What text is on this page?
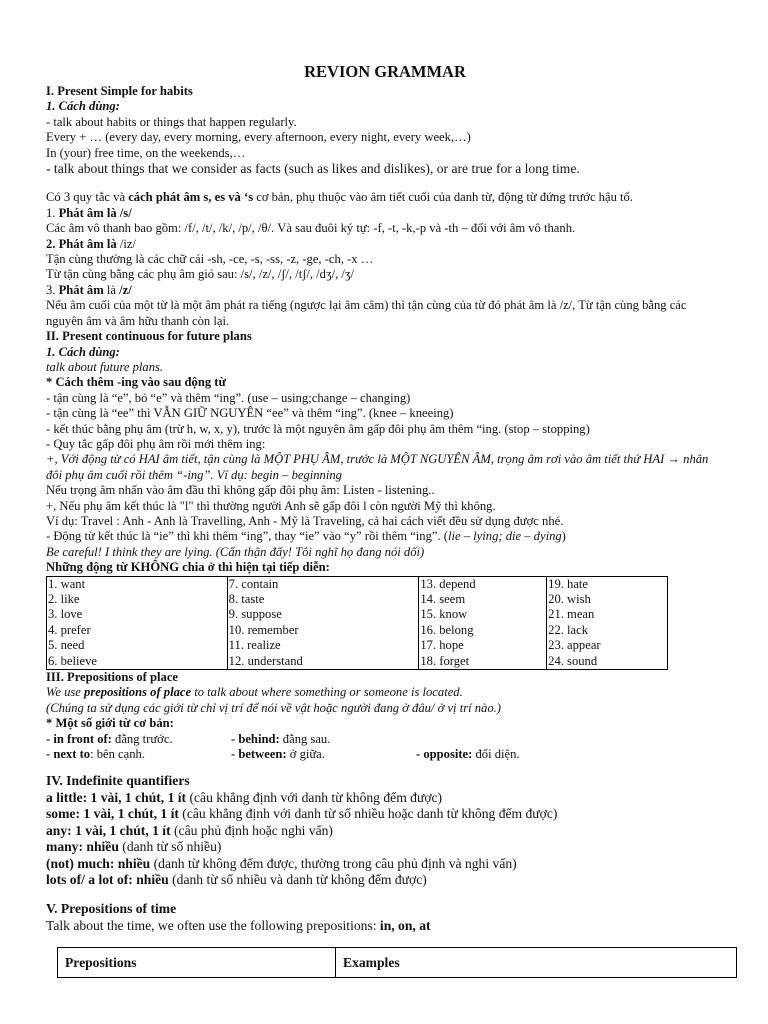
REVION GRAMMAR
I. Present Simple for habits
1. Cách dùng:
- talk about habits or things that happen regularly.
Every + … (every day, every morning, every afternoon, every night, every week,…)
In (your) free time, on the weekends,…
- talk about things that we consider as facts (such as likes and dislikes), or are true for a long time.
Có 3 quy tắc và cách phát âm s, es và ‘s cơ bản, phụ thuộc vào âm tiết cuối của danh từ, động từ đứng trước hậu tố.
1. Phát âm là /s/
Các âm vô thanh bao gồm: /f/, /t/, /k/, /p/, /θ/. Và sau đuôi ký tự: -f, -t, -k,-p và -th – đối với âm vô thanh.
2. Phát âm là /iz/
Tận cùng thường là các chữ cái -sh, -ce, -s, -ss, -z, -ge, -ch, -x …
Từ tận cùng bằng các phụ âm gió sau: /s/, /z/, /ʃ/, /tʃ/, /dʒ/, /ʒ/
3. Phát âm là /z/
Nếu âm cuối của một từ là một âm phát ra tiếng (ngược lại âm câm) thì tận cùng của từ đó phát âm là /z/, Từ tận cùng bằng các nguyên âm và âm hữu thanh còn lại.
II. Present continuous for future plans
1. Cách dùng:
talk about future plans.
* Cách thêm -ing vào sau động từ
- tận cùng là “e”, bỏ “e” và thêm “ing”. (use – using;change – changing)
- tận cùng là “ee” thì VẪN GIỮ NGUYÊN “ee” và thêm “ing”. (knee – kneeing)
- kết thúc bằng phụ âm (trừ h, w, x, y), trước là một nguyên âm gấp đôi phụ âm thêm “ing. (stop – stopping)
- Quy tắc gấp đôi phụ âm rồi mới thêm ing:
+, Với động từ có HAI âm tiết, tận cùng là MỘT PHỤ ÂM, trước là MỘT NGUYÊN ÂM, trọng âm rơi vào âm tiết thứ HAI → nhân đôi phụ âm cuối rồi thêm “-ing”. Ví dụ: begin – beginning
Nếu trọng âm nhấn vào âm đầu thì không gấp đôi phụ âm: Listen - listening..
+, Nếu phụ âm kết thúc là "l" thì thường người Anh sẽ gấp đôi l còn người Mỹ thì không.
Ví dụ: Travel : Anh - Anh là Travelling, Anh - Mỹ là Traveling, cả hai cách viết đều sử dụng được nhé.
- Động từ kết thúc là “ie” thì khi thêm “ing”, thay “ie” vào “y” rồi thêm “ing”. (lie – lying; die – dying)
Be careful! I think they are lying. (Cẩn thận đấy! Tôi nghĩ họ đang nói dối)
Những động từ KHÔNG chia ở thì hiện tại tiếp diễn:
1. want	7. contain	13. depend	19. hate
2. like	8. taste	14. seem	20. wish
3. love	9. suppose	15. know	21. mean
4. prefer	10. remember	16. belong	22. lack
5. need	11. realize	17. hope	23. appear
6. believe	12. understand	18. forget	24. sound
III. Prepositions of place
We use prepositions of place to talk about where something or someone is located.
(Chúng ta sử dụng các giới từ chỉ vị trí để nói về vật hoặc người đang ở đâu/ ở vị trí nào.)
* Một số giới từ cơ bản:
- in front of: đằng trước.	- behind: đằng sau.
- next to: bên cạnh.	- between: ở giữa.	- opposite: đối diện.
IV. Indefinite quantifiers
a little: 1 vài, 1 chút, 1 ít (câu khẳng định với danh từ không đếm được)
some: 1 vài, 1 chút, 1 ít (câu khẳng định với danh từ số nhiều hoặc danh từ không đếm được)
any: 1 vài, 1 chút, 1 ít (câu phủ định hoặc nghi vấn)
many: nhiều (danh từ số nhiều)
(not) much: nhiều (danh từ không đếm được, thường trong câu phủ định và nghi vấn)
lots of/ a lot of: nhiều (danh từ số nhiều và danh từ không đếm được)
V. Prepositions of time
Talk about the time, we often use the following prepositions: in, on, at
Prepositions	Examples
